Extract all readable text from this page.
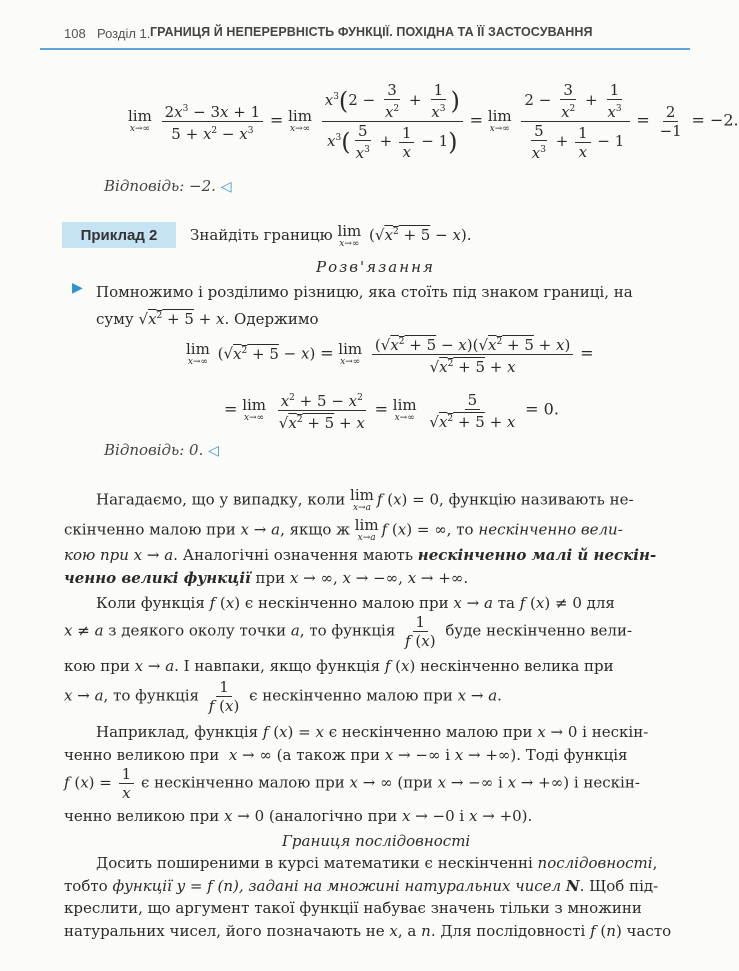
108 Розділ 1. ГРАНИЦЯ Й НЕПЕРЕРВНІСТЬ ФУНКЦІЇ. ПОХІДНА ТА ЇЇ ЗАСТОСУВАННЯ
lim
x→∞
$\frac{2x^3 - 3x + 1}{5 + x^2 - x^3} = \lim$
x→∞
$\frac{x^3(2 - \frac{3}{x^2} + \frac{1}{x^3} )}{x^3( \frac{5}{x^3} + \frac{1}{x} - 1)} = \lim$
x→∞
$\frac{2 - \frac{3}{x^2} + \frac{1}{x^3}}{\frac{5}{x^3} + \frac{1}{x} - 1} = \frac{2}{-1} = -2$.
Відповідь: −2. ◁
Приклад 2	Знайдіть границю lim
x→∞ $(√x^2 + 5 - x)$.
Розв'язання
▶ Помножимо і розділимо різницю, яка стоїть під знаком границі, на
суму $√x^2 + 5 + x$. Одержимо
lim
x→∞ $(√x^2 + 5 - x) = \lim$
x→∞
$\frac{(√x^2 + 5 - x)(√x^2 + 5 + x)}{√x^2 + 5 + x}$ =
= lim
x→∞
$\frac{x^2 + 5 - x^2}{√x^2 + 5 + x} = \lim$
x→∞
$\frac{5}{√x^2 + 5 + x} = 0$.
Відповідь: 0. ◁
Нагадаємо, що у випадку, коли lim
x→a f (x) = 0, функцію називають не-
скінченно малою при x → a, якщо ж lim
x→a f (x) = ∞, то нескінченно вели-
кою при x → a. Аналогічні означення мають нескінченно малі й нескін-
ченно великі функції при x → ∞, x → −∞, x → +∞.
Коли функція f (x) є нескінченно малою при x → a та f (x) ≠ 0 для
x ≠ a з деякого околу точки a, то функція $\frac{1}{f (x)}$ буде нескінченно вели-
кою при x → a. І навпаки, якщо функція f (x) нескінченно велика при
x → a, то функція $\frac{1}{f (x)}$ є нескінченно малою при x → a.
Наприклад, функція f (x) = x є нескінченно малою при x → 0 і нескін-
ченно великою при  x → ∞ (а також при x → −∞ і x → +∞). Тоді функція
f $(x) = \frac{1}{x}$ є нескінченно малою при x → ∞ (при x → −∞ і x → +∞) і нескін-
ченно великою при x → 0 (аналогічно при x → −0 і x → +0).
Границя послідовності
Досить поширеними в курсі математики є нескінченні послідовності,
тобто функції y = f (n), задані на множині натуральних чисел N. Щоб під-
креслити, що аргумент такої функції набуває значень тільки з множини
натуральних чисел, його позначають не x, а n. Для послідовності f (n) часто
